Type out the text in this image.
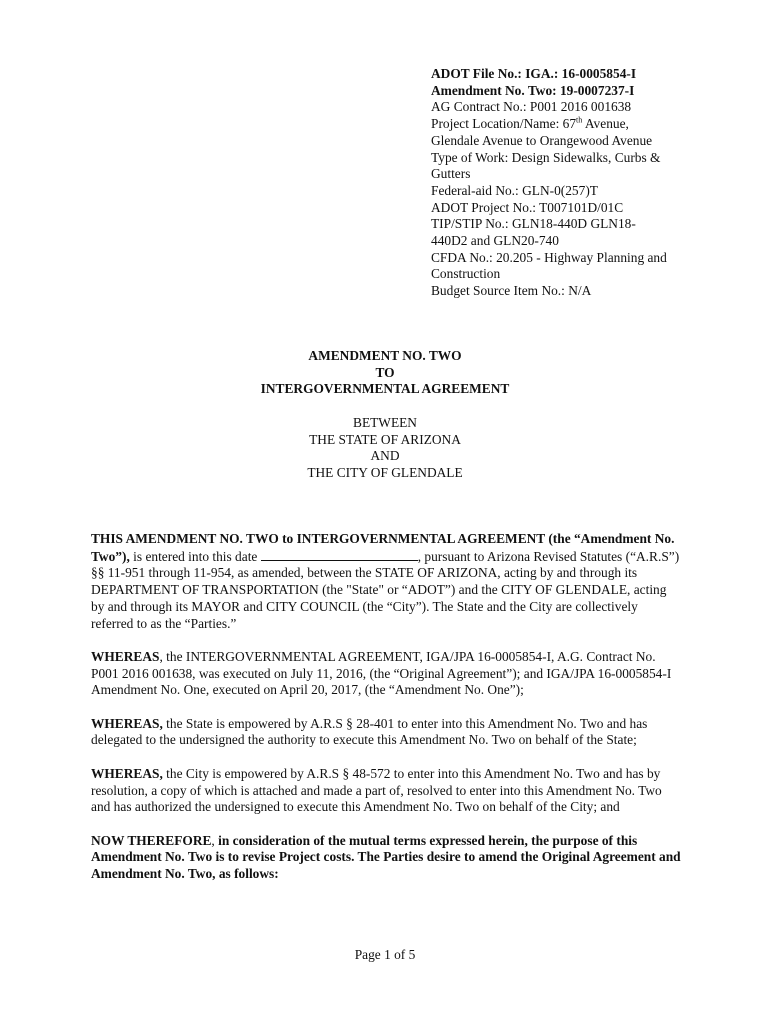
ADOT File No.: IGA.: 16-0005854-I
Amendment No. Two: 19-0007237-I
AG Contract No.: P001 2016 001638
Project Location/Name: 67th Avenue,
Glendale Avenue to Orangewood Avenue
Type of Work: Design Sidewalks, Curbs &
Gutters
Federal-aid No.: GLN-0(257)T
ADOT Project No.: T007101D/01C
TIP/STIP No.: GLN18-440D GLN18-
440D2 and GLN20-740
CFDA No.: 20.205 - Highway Planning and
Construction
Budget Source Item No.: N/A
AMENDMENT NO. TWO
TO
INTERGOVERNMENTAL AGREEMENT
BETWEEN
THE STATE OF ARIZONA
AND
THE CITY OF GLENDALE

THIS AMENDMENT NO. TWO to INTERGOVERNMENTAL AGREEMENT (the “Amendment No. Two”), is entered into this date	, pursuant to Arizona Revised Statutes (“A.R.S”) §§ 11-951 through 11-954, as amended, between the STATE OF ARIZONA, acting by and through its DEPARTMENT OF TRANSPORTATION (the "State" or “ADOT”) and the CITY OF GLENDALE, acting by and through its MAYOR and CITY COUNCIL (the “City”). The State and the City are collectively referred to as the “Parties.”

WHEREAS, the INTERGOVERNMENTAL AGREEMENT, IGA/JPA 16-0005854-I, A.G. Contract No. P001 2016 001638, was executed on July 11, 2016, (the “Original Agreement”); and IGA/JPA 16-0005854-I Amendment No. One, executed on April 20, 2017, (the “Amendment No. One”);

WHEREAS, the State is empowered by A.R.S § 28-401 to enter into this Amendment No. Two and has delegated to the undersigned the authority to execute this Amendment No. Two on behalf of the State;

WHEREAS, the City is empowered by A.R.S § 48-572 to enter into this Amendment No. Two and has by resolution, a copy of which is attached and made a part of, resolved to enter into this Amendment No. Two and has authorized the undersigned to execute this Amendment No. Two on behalf of the City; and

NOW THEREFORE, in consideration of the mutual terms expressed herein, the purpose of this Amendment No. Two is to revise Project costs. The Parties desire to amend the Original Agreement and Amendment No. Two, as follows:

Page 1 of 5
